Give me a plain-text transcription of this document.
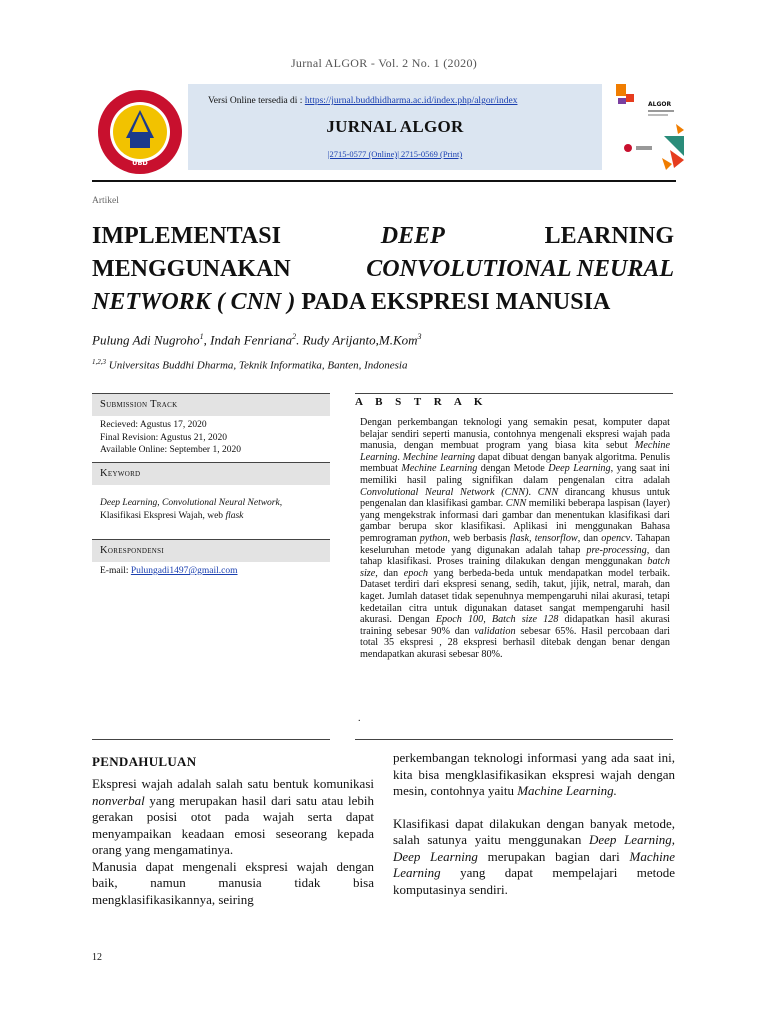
Jurnal ALGOR - Vol. 2 No. 1 (2020)
UBD
Versi Online tersedia di : https://jurnal.buddhidharma.ac.id/index.php/algor/index
JURNAL ALGOR
|2715-0577 (Online)| 2715-0569 (Print)
ALGOR
Artikel
IMPLEMENTASI	DEEP	LEARNING
MENGGUNAKAN	CONVOLUTIONAL NEURAL
NETWORK ( CNN ) PADA EKSPRESI MANUSIA
Pulung Adi Nugroho$^1$, Indah Fenriana$^2$. Rudy Arijanto,M.Kom$^3$
$^{1,2,3}$ Universitas Buddhi Dharma, Teknik Informatika, Banten, Indonesia
Submission Track
Recieved: Agustus 17, 2020
Final Revision: Agustus 21, 2020
Available Online: September 1, 2020
Keyword
Deep Learning, Convolutional Neural Network,
Klasifikasi Ekspresi Wajah, web flask
Korespondensi
E-mail: Pulungadi1497@gmail.com
A B S T R A K
Dengan perkembangan teknologi yang semakin pesat, komputer dapat belajar sendiri seperti manusia, contohnya mengenali ekspresi wajah pada manusia, dengan membuat program yang biasa kita sebut Mechine Learning. Mechine learning dapat dibuat dengan banyak algoritma. Penulis membuat Mechine Learning dengan Metode Deep Learning, yang saat ini memiliki hasil paling signifikan dalam pengenalan citra adalah Convolutional Neural Network (CNN). CNN dirancang khusus untuk pengenalan dan klasifikasi gambar. CNN memiliki beberapa laspisan (layer) yang mengekstrak informasi dari gambar dan menentukan klasifikasi dari gambar berupa skor klasifikasi. Aplikasi ini menggunakan Bahasa pemrograman python, web berbasis flask, tensorflow, dan opencv. Tahapan keseluruhan metode yang digunakan adalah tahap pre-processing, dan tahap klasifikasi. Proses training dilakukan dengan menggunakan batch size, dan epoch yang berbeda-beda untuk mendapatkan model terbaik. Dataset terdiri dari ekspresi senang, sedih, takut, jijik, netral, marah, dan kaget. Jumlah dataset tidak sepenuhnya mempengaruhi nilai akurasi, tetapi kedetailan citra untuk digunakan dataset sangat mempengaruhi hasil akurasi. Dengan Epoch 100, Batch size 128 didapatkan hasil akurasi training sebesar 90% dan validation sebesar 65%. Hasil percobaan dari total 35 ekspresi , 28 ekspresi berhasil ditebak dengan benar dengan mendapatkan akurasi sebesar 80%.
.
PENDAHULUAN

Ekspresi wajah adalah salah satu bentuk komunikasi nonverbal yang merupakan hasil dari satu atau lebih gerakan posisi otot pada wajah serta dapat menyampaikan keadaan emosi seseorang kepada orang yang mengamatinya.

Manusia dapat mengenali ekspresi wajah dengan baik, namun manusia tidak bisa mengklasifikasikannya, seiring

perkembangan teknologi informasi yang ada saat ini, kita bisa mengklasifikasikan ekspresi wajah dengan mesin, contohnya yaitu Machine Learning.

Klasifikasi dapat dilakukan dengan banyak metode, salah satunya yaitu menggunakan Deep Learning, Deep Learning merupakan bagian dari Machine Learning yang dapat mempelajari metode komputasinya sendiri.

12
